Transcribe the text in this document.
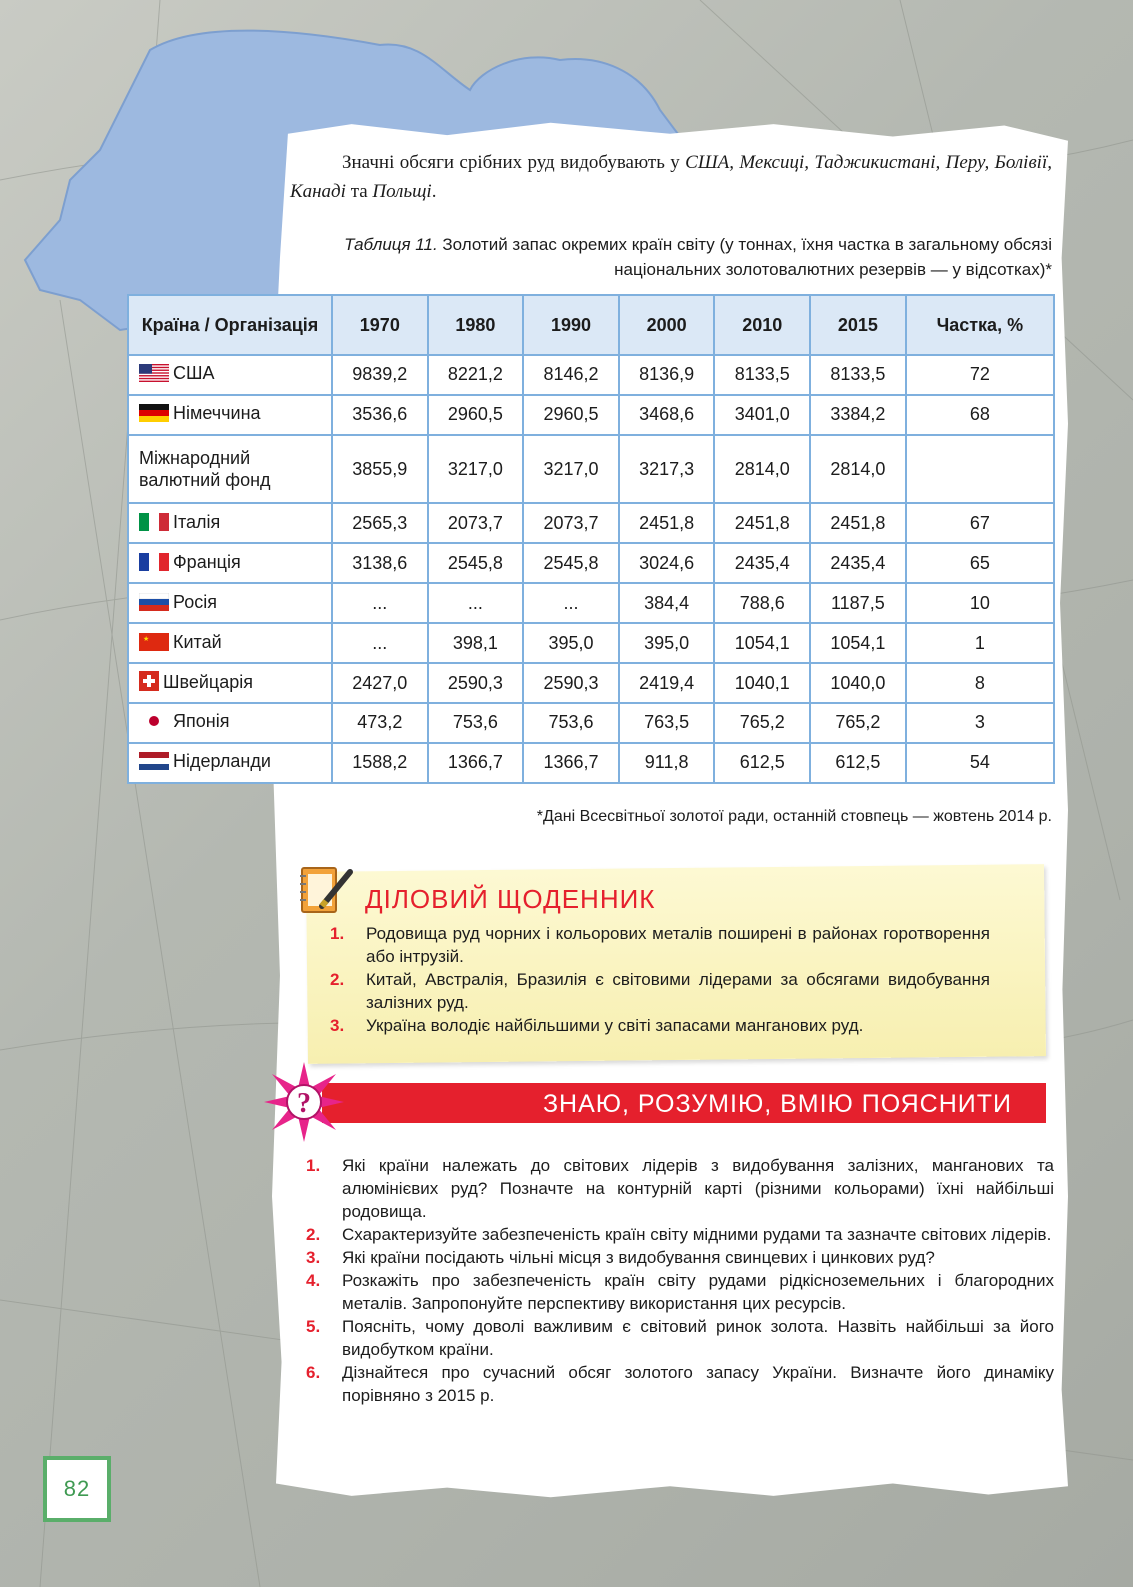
Значні обсяги срібних руд видобувають у США, Мексиці, Таджикистані, Перу, Болівії, Канаді та Польщі.

Таблиця 11. Золотий запас окремих країн світу (у тоннах, їхня частка в загальному обсязі національних золотовалютних резервів — у відсотках)*
Країна / Організація	1970	1980	1990	2000	2010	2015	Частка, %
США	9839,2	8221,2	8146,2	8136,9	8133,5	8133,5	72
Німеччина	3536,6	2960,5	2960,5	3468,6	3401,0	3384,2	68
Міжнародний валютний фонд	3855,9	3217,0	3217,0	3217,3	2814,0	2814,0	
Італія	2565,3	2073,7	2073,7	2451,8	2451,8	2451,8	67
Франція	3138,6	2545,8	2545,8	3024,6	2435,4	2435,4	65
Росія	...	...	...	384,4	788,6	1187,5	10

★ Китай	...	398,1	395,0	395,0	1054,1	1054,1	1
Швейцарія	2427,0	2590,3	2590,3	2419,4	1040,1	1040,0	8
Японія	473,2	753,6	753,6	763,5	765,2	765,2	3
Нідерланди	1588,2	1366,7	1366,7	911,8	612,5	612,5	54
*Дані Всесвітньої золотої ради, останній стовпець — жовтень 2014 р.
ДІЛОВИЙ ЩОДЕННИК
1. Родовища руд чорних і кольорових металів поширені в районах горотворення або інтрузій.
2. Китай, Австралія, Бразилія є світовими лідерами за обсягами видобування залізних руд.
3. Україна володіє найбільшими у світі запасами манганових руд.
ЗНАЮ, РОЗУМІЮ, ВМІЮ ПОЯСНИТИ
?
1. Які країни належать до світових лідерів з видобування залізних, манганових та алюмінієвих руд? Позначте на контурній карті (різними кольорами) їхні найбільші родовища.
2. Схарактеризуйте забезпеченість країн світу мідними рудами та зазначте світових лідерів.
3. Які країни посідають чільні місця з видобування свинцевих і цинкових руд?
4. Розкажіть про забезпеченість країн світу рудами рідкісноземельних і благородних металів. Запропонуйте перспективу використання цих ресурсів.
5. Поясніть, чому доволі важливим є світовий ринок золота. Назвіть найбільші за його видобутком країни.
6. Дізнайтеся про сучасний обсяг золотого запасу України. Визначте його динаміку порівняно з 2015 р.
82
